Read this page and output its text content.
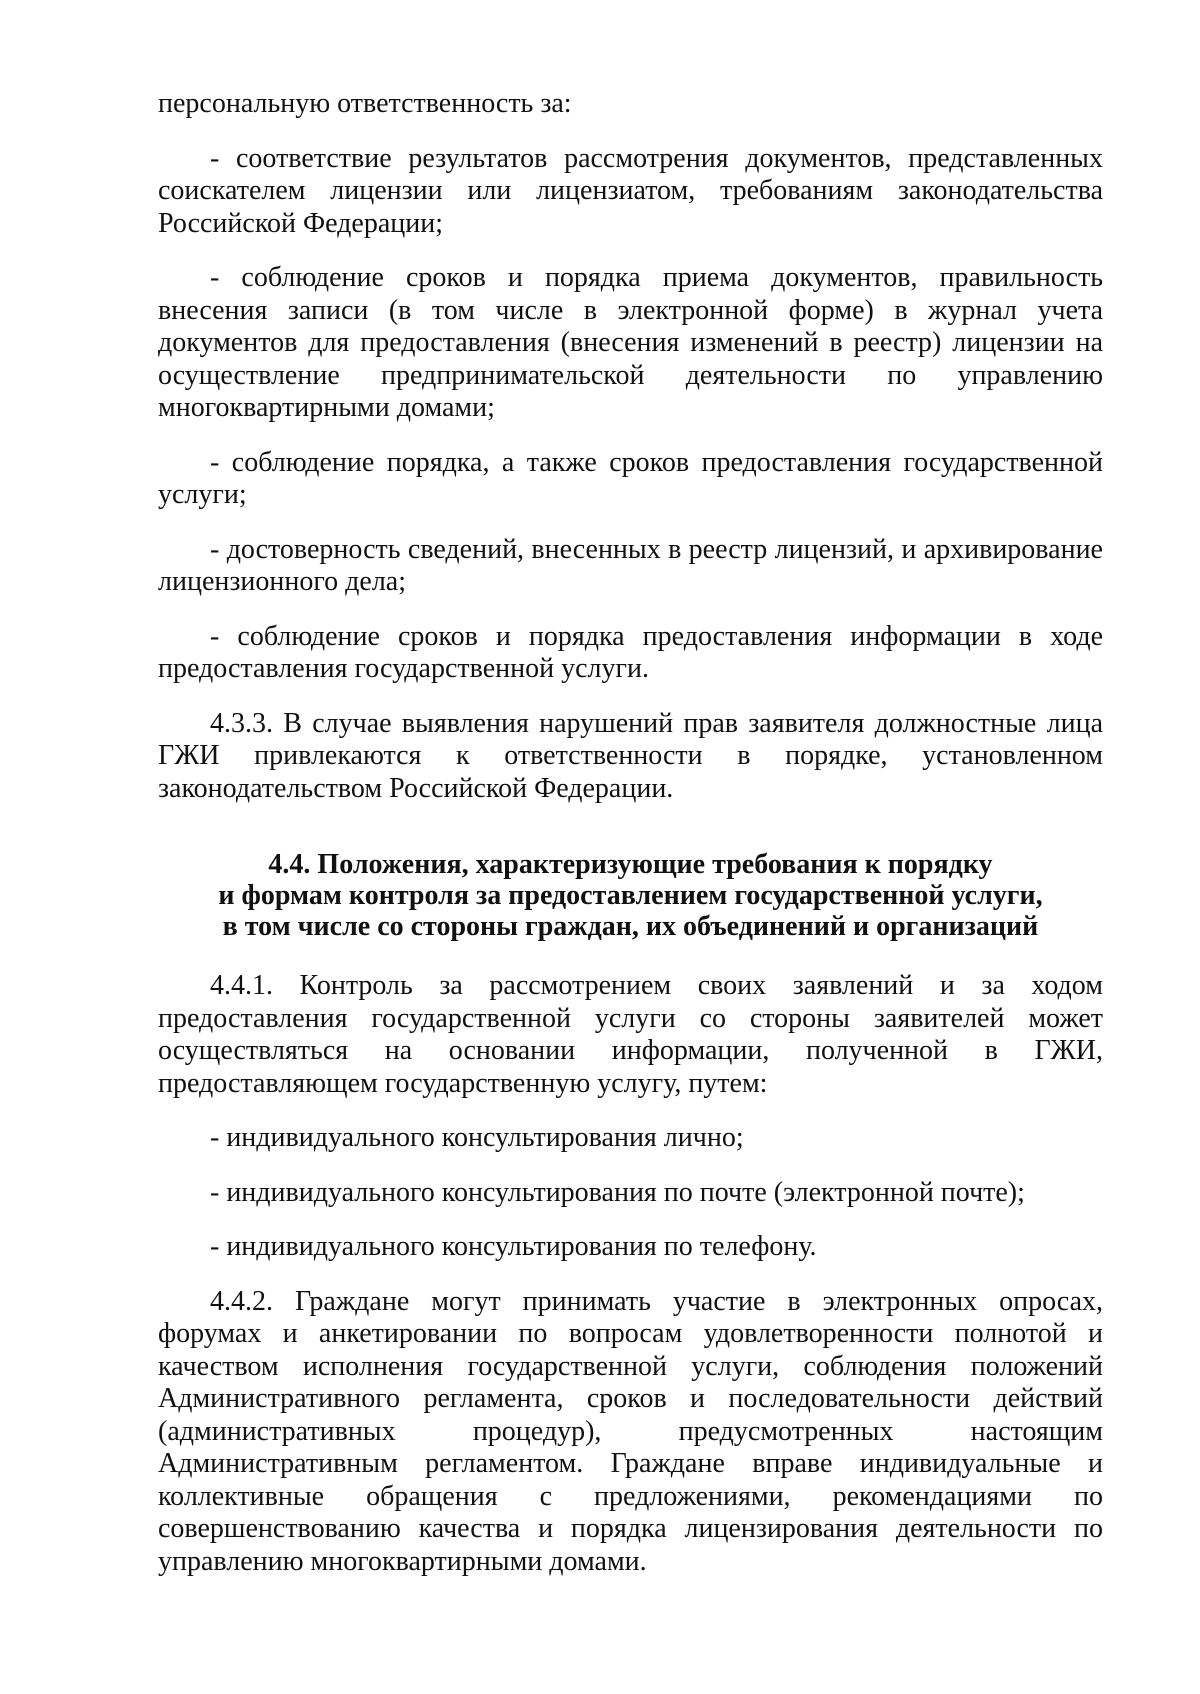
персональную ответственность за:

- соответствие результатов рассмотрения документов, представленных соискателем лицензии или лицензиатом, требованиям законодательства Российской Федерации;

- соблюдение сроков и порядка приема документов, правильность внесения записи (в том числе в электронной форме) в журнал учета документов для предоставления (внесения изменений в реестр) лицензии на осуществление предпринимательской деятельности по управлению многоквартирными домами;

- соблюдение порядка, а также сроков предоставления государственной услуги;

- достоверность сведений, внесенных в реестр лицензий, и архивирование лицензионного дела;

- соблюдение сроков и порядка предоставления информации в ходе предоставления государственной услуги.

4.3.3. В случае выявления нарушений прав заявителя должностные лица ГЖИ привлекаются к ответственности в порядке, установленном законодательством Российской Федерации.

4.4. Положения, характеризующие требования к порядку
и формам контроля за предоставлением государственной услуги,
в том числе со стороны граждан, их объединений и организаций

4.4.1. Контроль за рассмотрением своих заявлений и за ходом предоставления государственной услуги со стороны заявителей может осуществляться на основании информации, полученной в ГЖИ, предоставляющем государственную услугу, путем:

- индивидуального консультирования лично;

- индивидуального консультирования по почте (электронной почте);

- индивидуального консультирования по телефону.

4.4.2. Граждане могут принимать участие в электронных опросах, форумах и анкетировании по вопросам удовлетворенности полнотой и качеством исполнения государственной услуги, соблюдения положений Административного регламента, сроков и последовательности действий (административных процедур), предусмотренных настоящим Административным регламентом. Граждане вправе индивидуальные и коллективные обращения с предложениями, рекомендациями по совершенствованию качества и порядка лицензирования деятельности по управлению многоквартирными домами.
